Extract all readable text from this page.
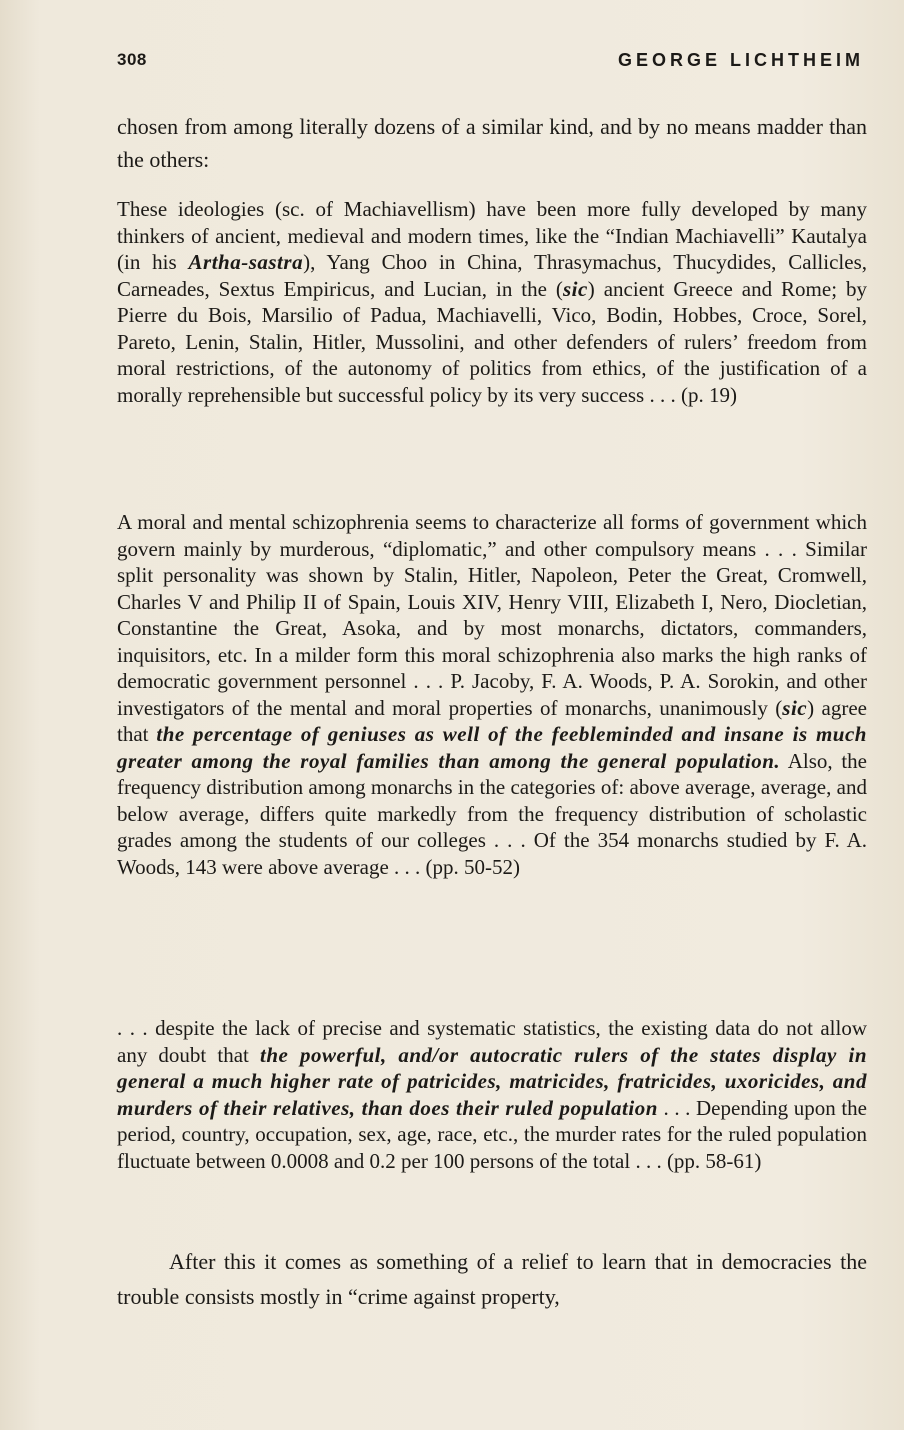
308	GEORGE LICHTHEIM

chosen from among literally dozens of a similar kind, and by no means madder than the others:

These ideologies (sc. of Machiavellism) have been more fully developed by many thinkers of ancient, medieval and modern times, like the “Indian Machiavelli” Kautalya (in his Artha-sastra), Yang Choo in China, Thrasymachus, Thucydides, Callicles, Carneades, Sextus Empiricus, and Lucian, in the (sic) ancient Greece and Rome; by Pierre du Bois, Marsilio of Padua, Machiavelli, Vico, Bodin, Hobbes, Croce, Sorel, Pareto, Lenin, Stalin, Hitler, Mussolini, and other defenders of rulers’ freedom from moral restrictions, of the autonomy of politics from ethics, of the justification of a morally reprehensible but successful policy by its very success . . . (p. 19)

A moral and mental schizophrenia seems to characterize all forms of government which govern mainly by murderous, “diplomatic,” and other compulsory means . . . Similar split personality was shown by Stalin, Hitler, Napoleon, Peter the Great, Cromwell, Charles V and Philip II of Spain, Louis XIV, Henry VIII, Elizabeth I, Nero, Diocletian, Constantine the Great, Asoka, and by most monarchs, dictators, commanders, inquisitors, etc. In a milder form this moral schizophrenia also marks the high ranks of democratic government personnel . . . P. Jacoby, F. A. Woods, P. A. Sorokin, and other investigators of the mental and moral properties of monarchs, unanimously (sic) agree that the percentage of geniuses as well of the feebleminded and insane is much greater among the royal families than among the general population. Also, the frequency distribution among monarchs in the categories of: above average, average, and below average, differs quite markedly from the frequency distribution of scholastic grades among the students of our colleges . . . Of the 354 monarchs studied by F. A. Woods, 143 were above average . . . (pp. 50-52)

. . . despite the lack of precise and systematic statistics, the existing data do not allow any doubt that the powerful, and/or autocratic rulers of the states display in general a much higher rate of patricides, matricides, fratricides, uxoricides, and murders of their relatives, than does their ruled population . . . Depending upon the period, country, occupation, sex, age, race, etc., the murder rates for the ruled population fluctuate between 0.0008 and 0.2 per 100 persons of the total . . . (pp. 58-61)

After this it comes as something of a relief to learn that in democracies the trouble consists mostly in “crime against property,
